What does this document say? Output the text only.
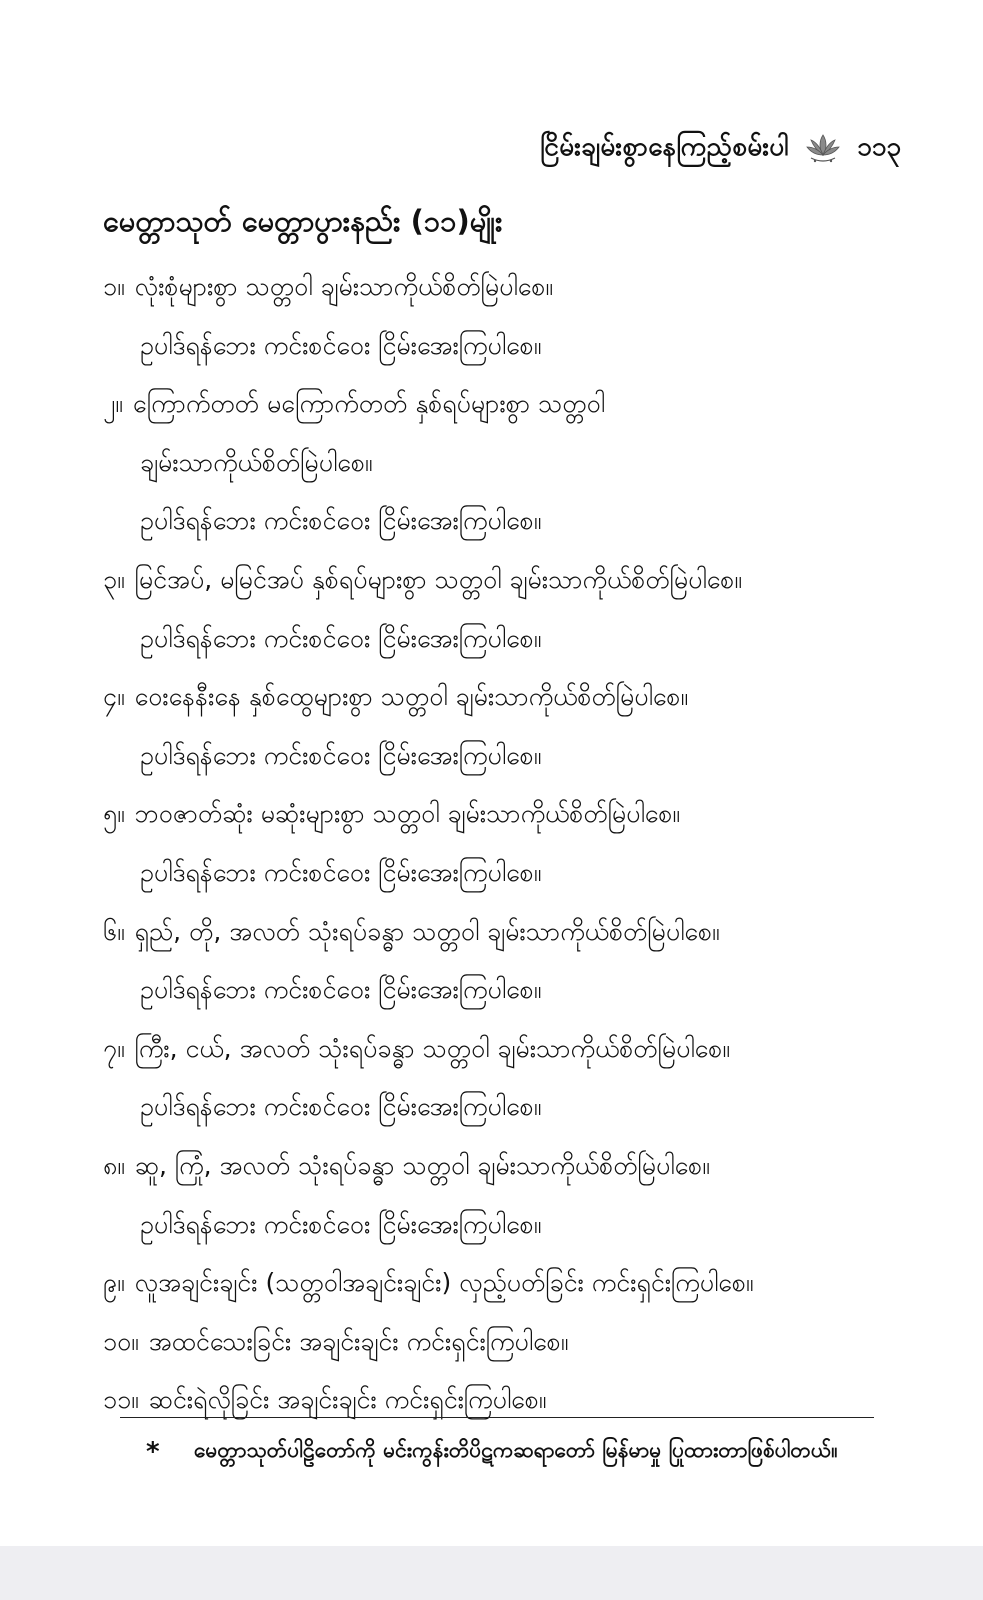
ငြိမ်းချမ်းစွာနေကြည့်စမ်းပါ	၁၁၃
မေတ္တာသုတ် မေတ္တာပွားနည်း (၁၁)မျိုး
၁။ လုံးစုံများစွာ သတ္တဝါ ချမ်းသာကိုယ်စိတ်မြဲပါစေ။
ဥပါဒ်ရန်ဘေး ကင်းစင်ဝေး ငြိမ်းအေးကြပါစေ။
၂။ ကြောက်တတ် မကြောက်တတ် နှစ်ရပ်များစွာ သတ္တဝါ
ချမ်းသာကိုယ်စိတ်မြဲပါစေ။
ဥပါဒ်ရန်ဘေး ကင်းစင်ဝေး ငြိမ်းအေးကြပါစေ။
၃။ မြင်အပ်, မမြင်အပ် နှစ်ရပ်များစွာ သတ္တဝါ ချမ်းသာကိုယ်စိတ်မြဲပါစေ။
ဥပါဒ်ရန်ဘေး ကင်းစင်ဝေး ငြိမ်းအေးကြပါစေ။
၄။ ဝေးနေနီးနေ နှစ်ထွေများစွာ သတ္တဝါ ချမ်းသာကိုယ်စိတ်မြဲပါစေ။
ဥပါဒ်ရန်ဘေး ကင်းစင်ဝေး ငြိမ်းအေးကြပါစေ။
၅။ ဘဝဇာတ်ဆုံး မဆုံးများစွာ သတ္တဝါ ချမ်းသာကိုယ်စိတ်မြဲပါစေ။
ဥပါဒ်ရန်ဘေး ကင်းစင်ဝေး ငြိမ်းအေးကြပါစေ။
၆။ ရှည်, တို, အလတ် သုံးရပ်ခန္ဓာ သတ္တဝါ ချမ်းသာကိုယ်စိတ်မြဲပါစေ။
ဥပါဒ်ရန်ဘေး ကင်းစင်ဝေး ငြိမ်းအေးကြပါစေ။
၇။ ကြီး, ငယ်, အလတ် သုံးရပ်ခန္ဓာ သတ္တဝါ ချမ်းသာကိုယ်စိတ်မြဲပါစေ။
ဥပါဒ်ရန်ဘေး ကင်းစင်ဝေး ငြိမ်းအေးကြပါစေ။
၈။ ဆူ, ကြုံ, အလတ် သုံးရပ်ခန္ဓာ သတ္တဝါ ချမ်းသာကိုယ်စိတ်မြဲပါစေ။
ဥပါဒ်ရန်ဘေး ကင်းစင်ဝေး ငြိမ်းအေးကြပါစေ။
၉။ လူအချင်းချင်း (သတ္တဝါအချင်းချင်း) လှည့်ပတ်ခြင်း ကင်းရှင်းကြပါစေ။
၁၀။ အထင်သေးခြင်း အချင်းချင်း ကင်းရှင်းကြပါစေ။
၁၁။ ဆင်းရဲလိုခြင်း အချင်းချင်း ကင်းရှင်းကြပါစေ။
*	မေတ္တာသုတ်ပါဠိတော်ကို မင်းကွန်းတိပိဋကဆရာတော် မြန်မာမှု ပြုထားတာဖြစ်ပါတယ်။
